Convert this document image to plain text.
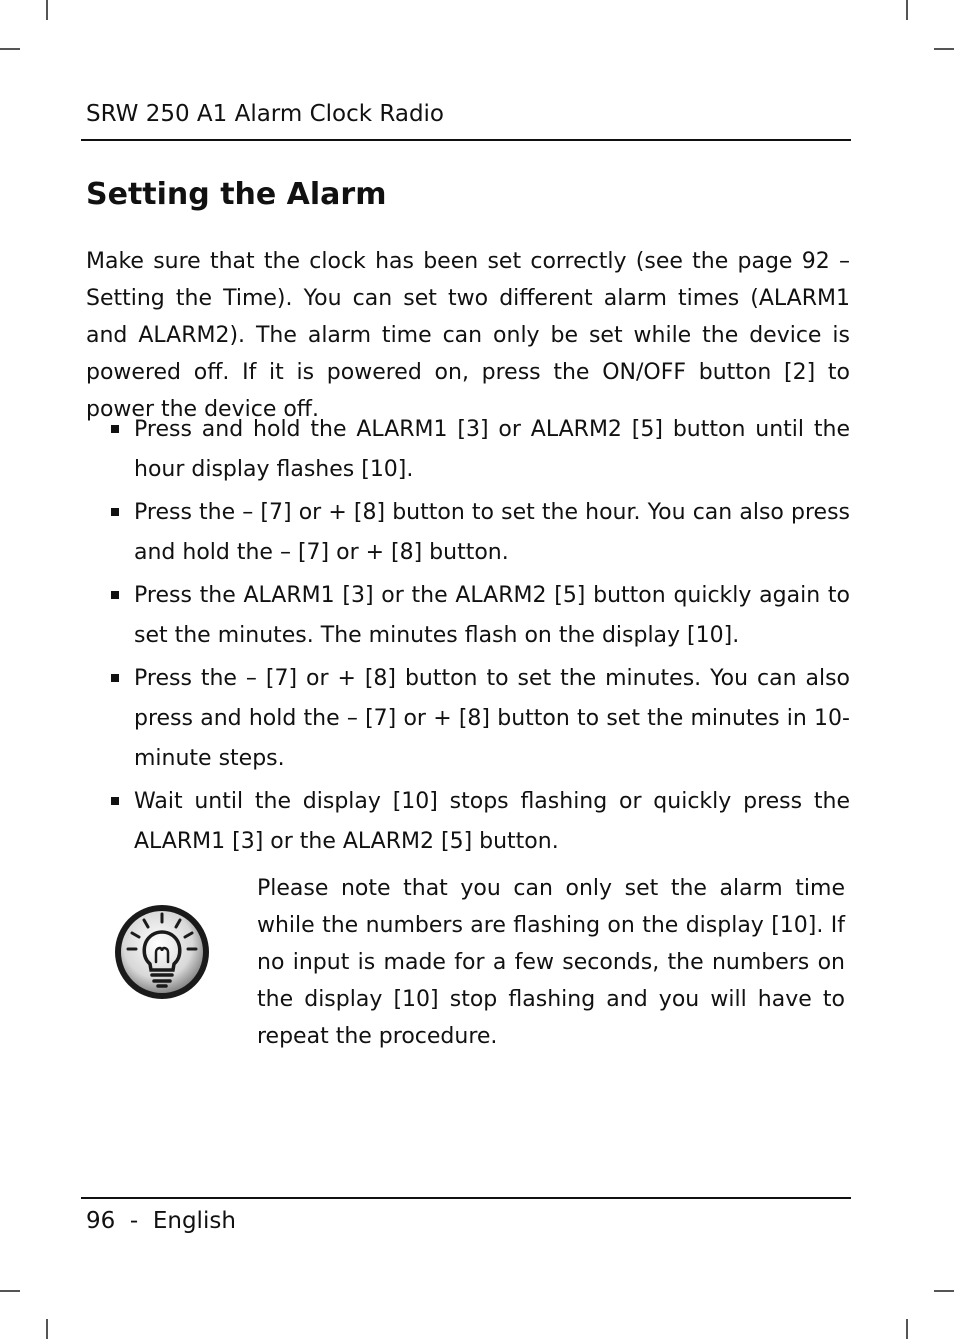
SRW 250 A1 Alarm Clock Radio
Setting the Alarm

Make sure that the clock has been set correctly (see the page 92 – Setting the Time). You can set two different alarm times (ALARM1 and ALARM2). The alarm time can only be set while the device is powered off. If it is powered on, press the ON/OFF button [2] to power the device off.

Press and hold the ALARM1 [3] or ALARM2 [5] button until the hour display flashes [10].
Press the – [7] or + [8] button to set the hour. You can also press and hold the – [7] or + [8] button.
Press the ALARM1 [3] or the ALARM2 [5] button quickly again to set the minutes. The minutes flash on the display [10].
Press the – [7] or + [8] button to set the minutes. You can also press and hold the – [7] or + [8] button to set the minutes in 10-minute steps.
Wait until the display [10] stops flashing or quickly press the ALARM1 [3] or the ALARM2 [5] button.

Please note that you can only set the alarm time while the numbers are flashing on the display [10]. If no input is made for a few seconds, the numbers on the display [10] stop flashing and you will have to repeat the procedure.

96 - English
